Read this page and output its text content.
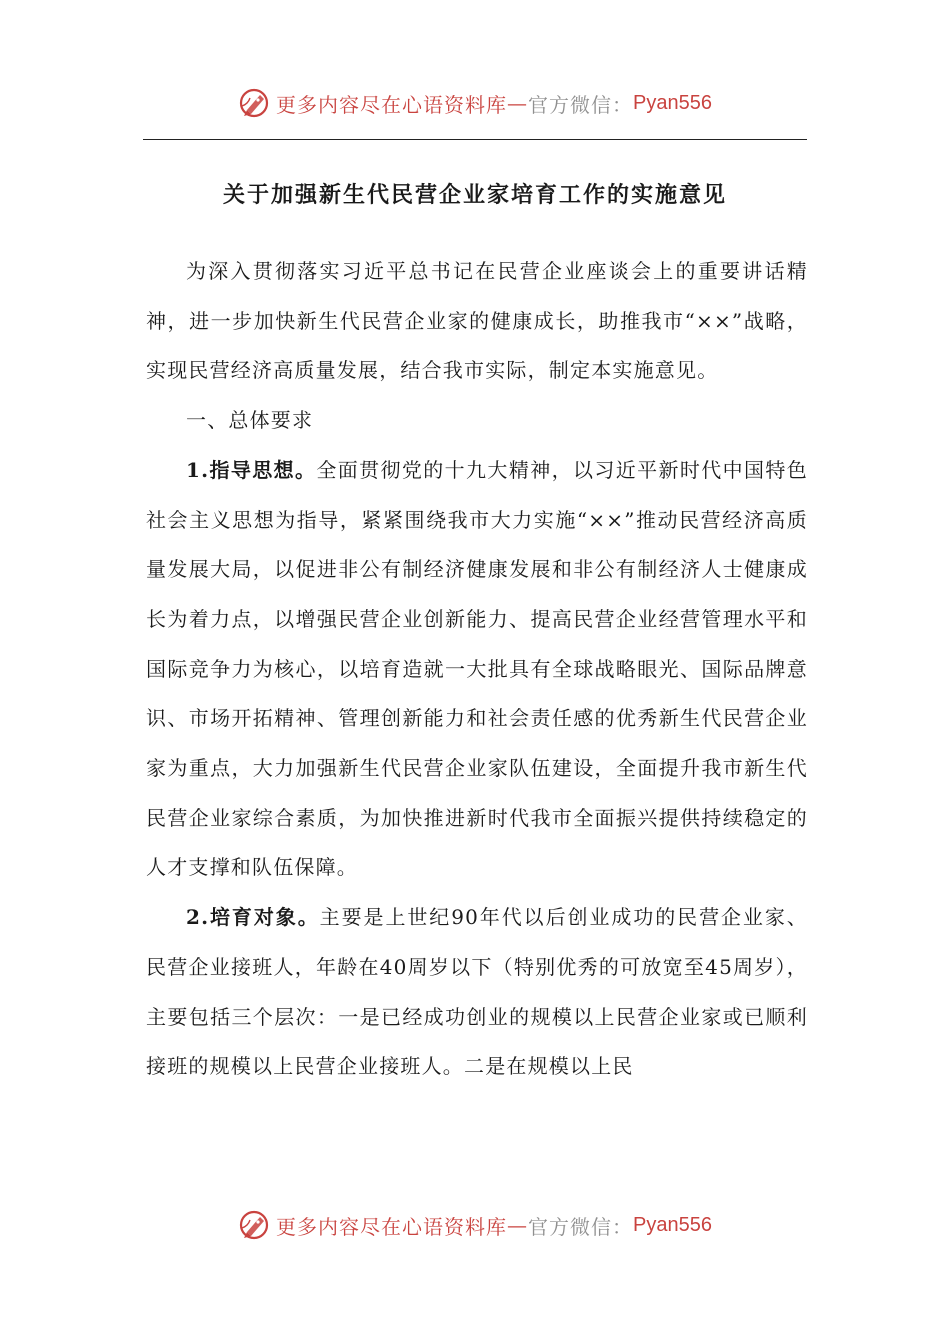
更多内容尽在心语资料库 — 官方微信： Pyan556
关于加强新生代民营企业家培育工作的实施意见

为深入贯彻落实习近平总书记在民营企业座谈会上的重要讲话精神，进一步加快新生代民营企业家的健康成长，助推我市“××”战略，实现民营经济高质量发展，结合我市实际，制定本实施意见。

一、总体要求

1.指导思想。全面贯彻党的十九大精神，以习近平新时代中国特色社会主义思想为指导，紧紧围绕我市大力实施“××”推动民营经济高质量发展大局，以促进非公有制经济健康发展和非公有制经济人士健康成长为着力点，以增强民营企业创新能力、提高民营企业经营管理水平和国际竞争力为核心，以培育造就一大批具有全球战略眼光、国际品牌意识、市场开拓精神、管理创新能力和社会责任感的优秀新生代民营企业家为重点，大力加强新生代民营企业家队伍建设，全面提升我市新生代民营企业家综合素质，为加快推进新时代我市全面振兴提供持续稳定的人才支撑和队伍保障。

2.培育对象。主要是上世纪90年代以后创业成功的民营企业家、民营企业接班人，年龄在40周岁以下（特别优秀的可放宽至45周岁），主要包括三个层次：一是已经成功创业的规模以上民营企业家或已顺利接班的规模以上民营企业接班人。二是在规模以上民

更多内容尽在心语资料库 — 官方微信： Pyan556
